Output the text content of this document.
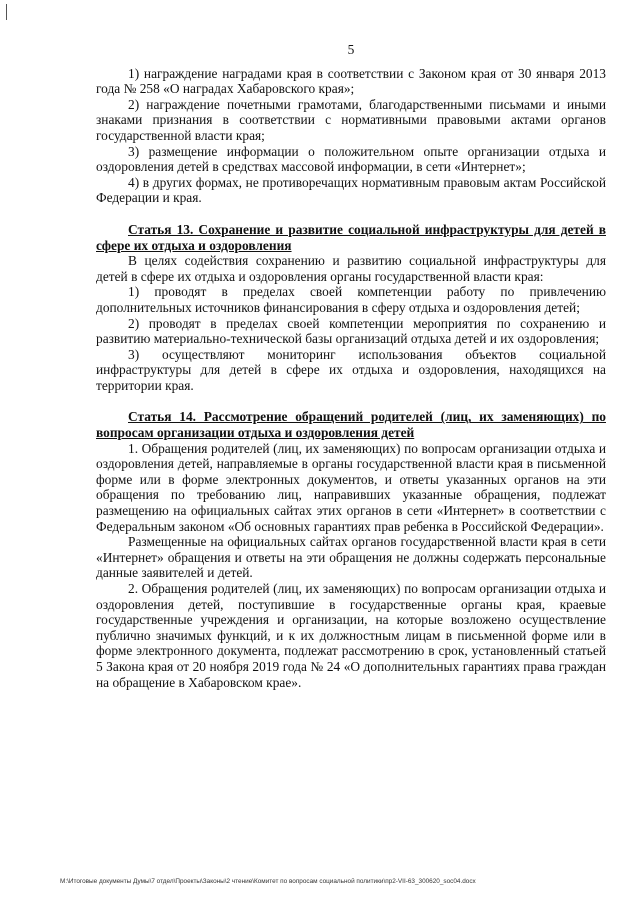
5

1) награждение наградами края в соответствии с Законом края от 30 января 2013 года № 258 «О наградах Хабаровского края»;

2) награждение почетными грамотами, благодарственными письмами и иными знаками признания в соответствии с нормативными правовыми актами органов государственной власти края;

3) размещение информации о положительном опыте организации отдыха и оздоровления детей в средствах массовой информации, в сети «Интернет»;

4) в других формах, не противоречащих нормативным правовым актам Российской Федерации и края.

Статья 13. Сохранение и развитие социальной инфраструктуры для детей в сфере их отдыха и оздоровления

В целях содействия сохранению и развитию социальной инфраструктуры для детей в сфере их отдыха и оздоровления органы государственной власти края:

1) проводят в пределах своей компетенции работу по привлечению дополнительных источников финансирования в сферу отдыха и оздоровления детей;

2) проводят в пределах своей компетенции мероприятия по сохранению и развитию материально-технической базы организаций отдыха детей и их оздоровления;

3) осуществляют мониторинг использования объектов социальной инфраструктуры для детей в сфере их отдыха и оздоровления, находящихся на территории края.

Статья 14. Рассмотрение обращений родителей (лиц, их заменяющих) по вопросам организации отдыха и оздоровления детей

1. Обращения родителей (лиц, их заменяющих) по вопросам организации отдыха и оздоровления детей, направляемые в органы государственной власти края в письменной форме или в форме электронных документов, и ответы указанных органов на эти обращения по требованию лиц, направивших указанные обращения, подлежат размещению на официальных сайтах этих органов в сети «Интернет» в соответствии с Федеральным законом «Об основных гарантиях прав ребенка в Российской Федерации».

Размещенные на официальных сайтах органов государственной власти края в сети «Интернет» обращения и ответы на эти обращения не должны содержать персональные данные заявителей и детей.

2. Обращения родителей (лиц, их заменяющих) по вопросам организации отдыха и оздоровления детей, поступившие в государственные органы края, краевые государственные учреждения и организации, на которые возложено осуществление публично значимых функций, и к их должностным лицам в письменной форме или в форме электронного документа, подлежат рассмотрению в срок, установленный статьей 5 Закона края от 20 ноября 2019 года № 24 «О дополнительных гарантиях права граждан на обращение в Хабаровском крае».

M:\Итоговые документы Думы\7 отдел\Проекты\Законы\2 чтение\Комитет по вопросам социальной политики\пр2-VII-63_300620_soc04.docx
